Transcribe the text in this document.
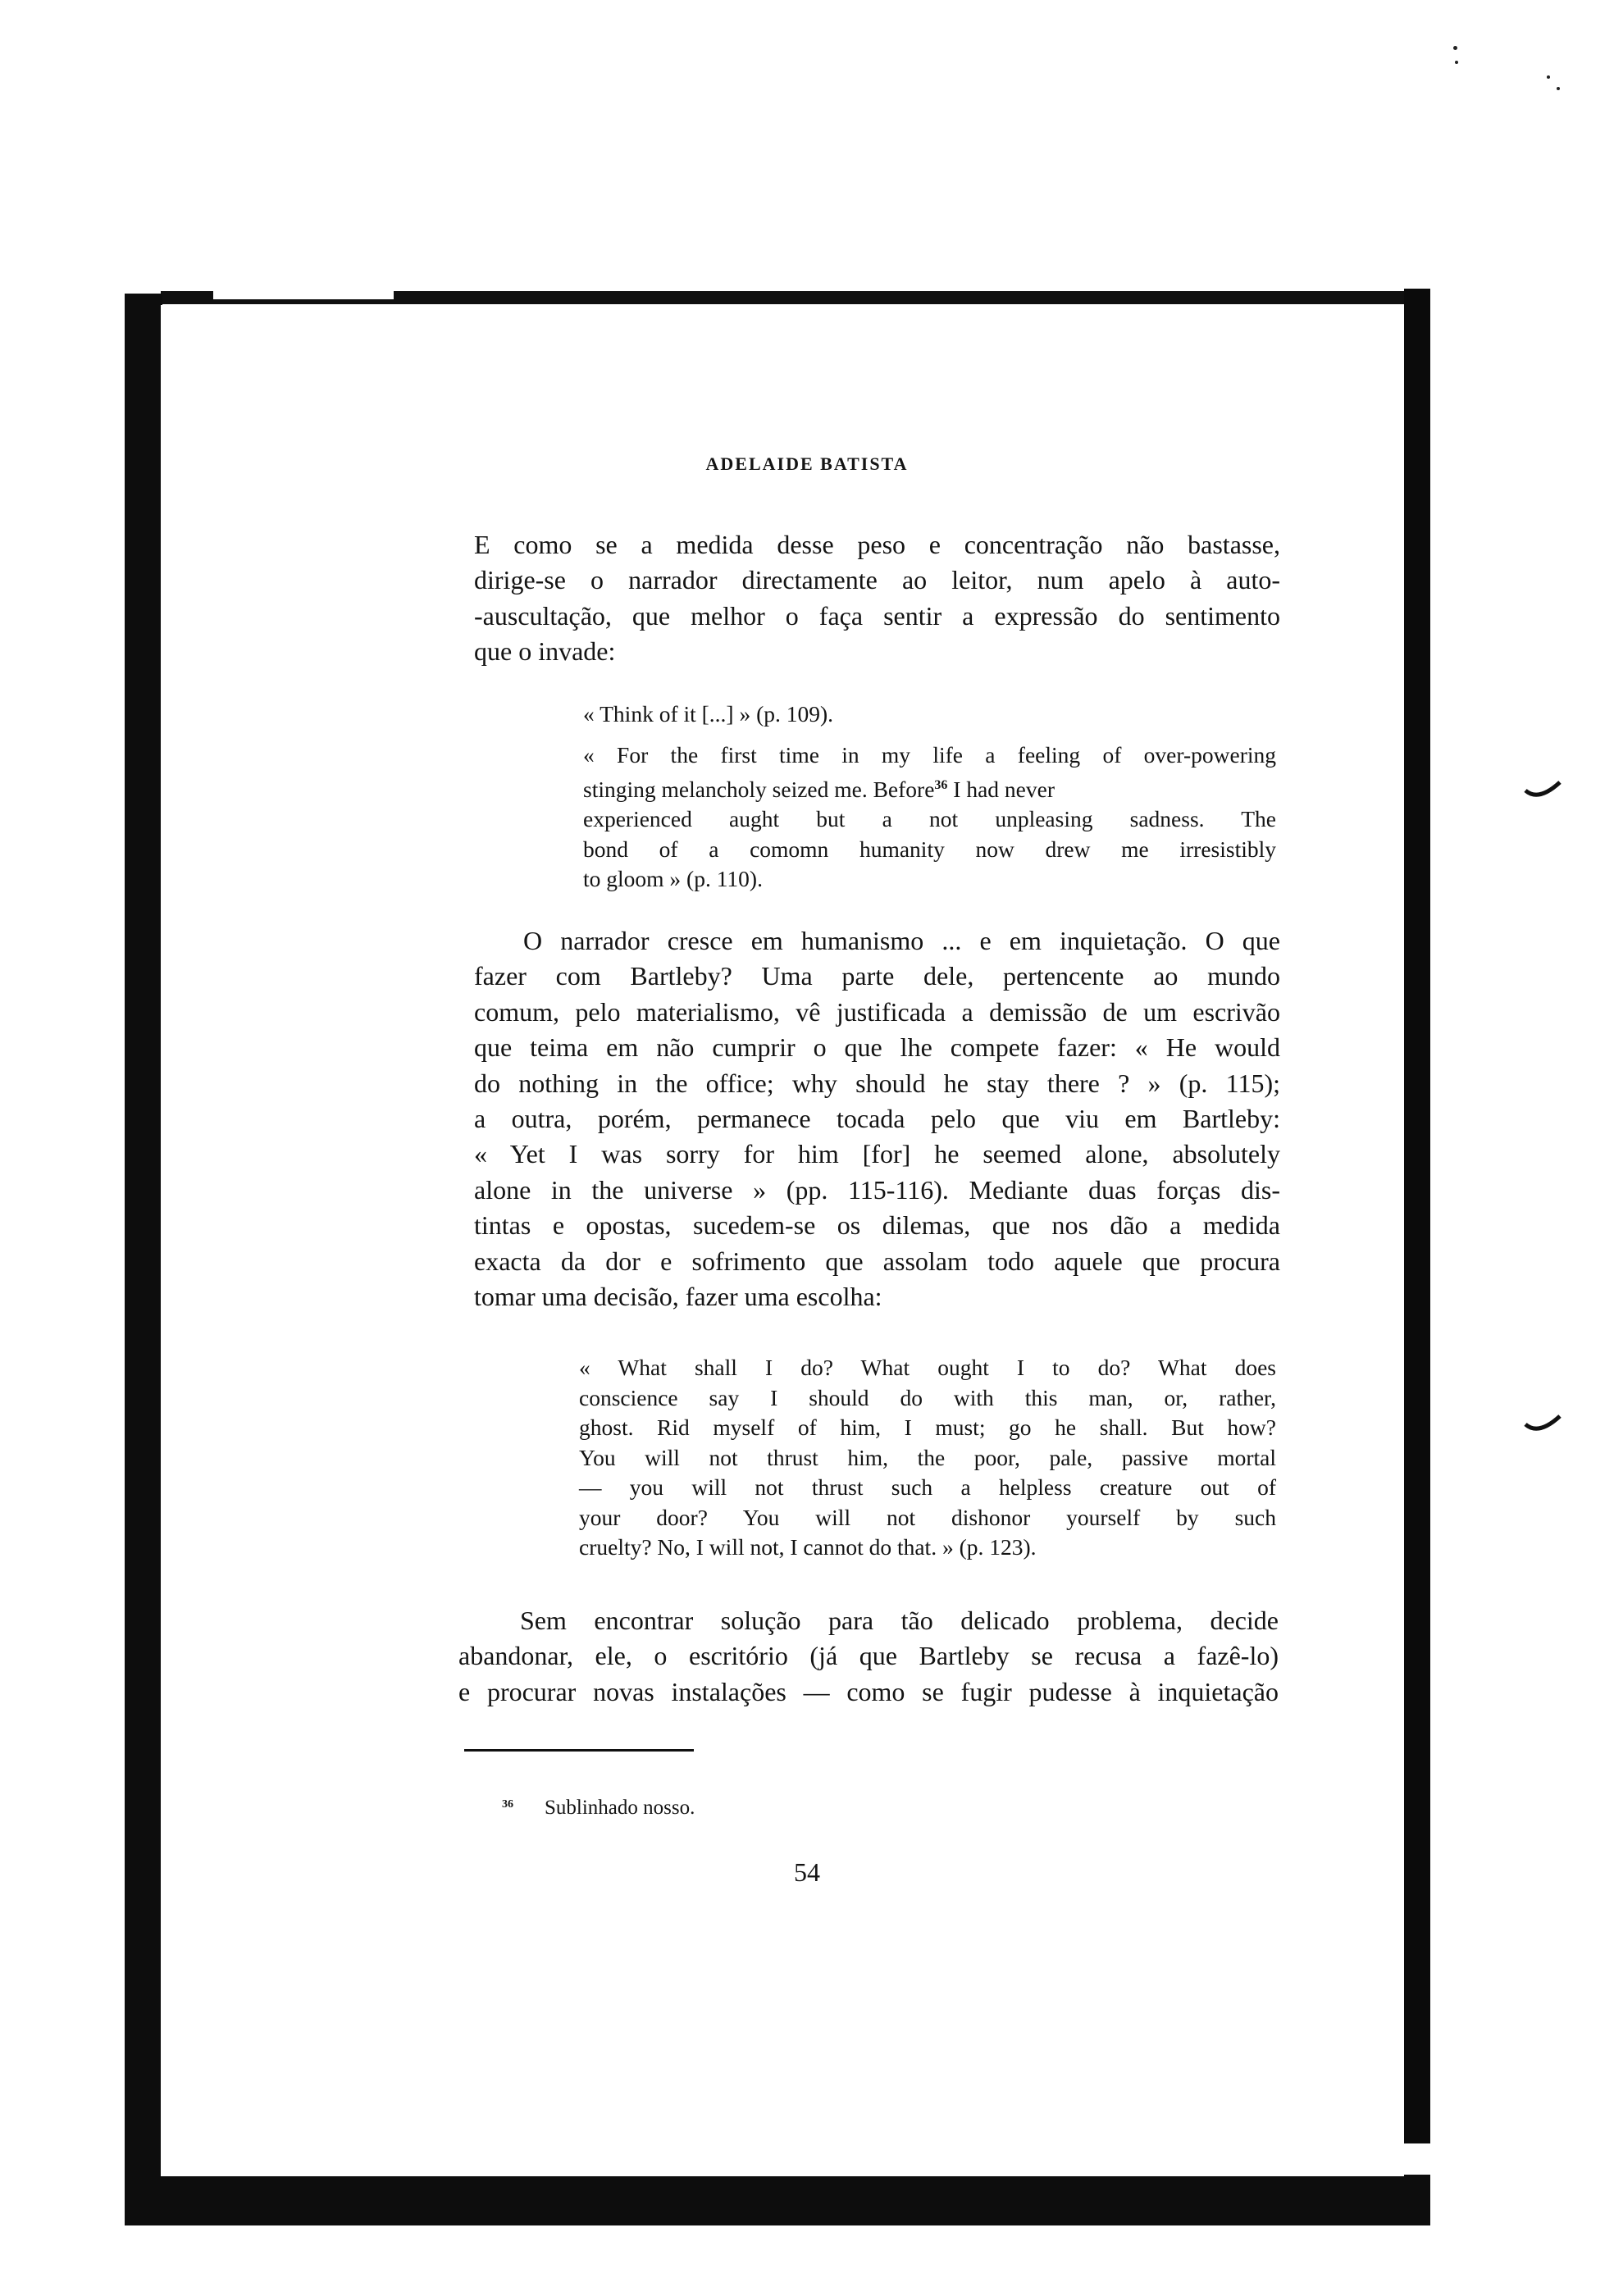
ADELAIDE BATISTA
E como se a medida desse peso e concentração não bastasse,
dirige-se o narrador directamente ao leitor, num apelo à auto-
-auscultação, que melhor o faça sentir a expressão do sentimento
que o invade:
« Think of it [...] » (p. 109).
« For the first time in my life a feeling of over-powering
stinging melancholy seized me. Before$^{36}$ I had never
experienced aught but a not unpleasing sadness. The
bond of a comomn humanity now drew me irresistibly
to gloom » (p. 110).
O narrador cresce em humanismo ... e em inquietação. O que
fazer com Bartleby? Uma parte dele, pertencente ao mundo
comum, pelo materialismo, vê justificada a demissão de um escrivão
que teima em não cumprir o que lhe compete fazer: « He would
do nothing in the office; why should he stay there ? » (p. 115);
a outra, porém, permanece tocada pelo que viu em Bartleby:
« Yet I was sorry for him [for] he seemed alone, absolutely
alone in the universe » (pp. 115-116). Mediante duas forças dis-
tintas e opostas, sucedem-se os dilemas, que nos dão a medida
exacta da dor e sofrimento que assolam todo aquele que procura
tomar uma decisão, fazer uma escolha:
« What shall I do? What ought I to do? What does
conscience say I should do with this man, or, rather,
ghost. Rid myself of him, I must; go he shall. But how?
You will not thrust him, the poor, pale, passive mortal
— you will not thrust such a helpless creature out of
your door? You will not dishonor yourself by such
cruelty? No, I will not, I cannot do that. » (p. 123).
Sem encontrar solução para tão delicado problema, decide
abandonar, ele, o escritório (já que Bartleby se recusa a fazê-lo)
e procurar novas instalações — como se fugir pudesse à inquietação
36 Sublinhado nosso.
54
